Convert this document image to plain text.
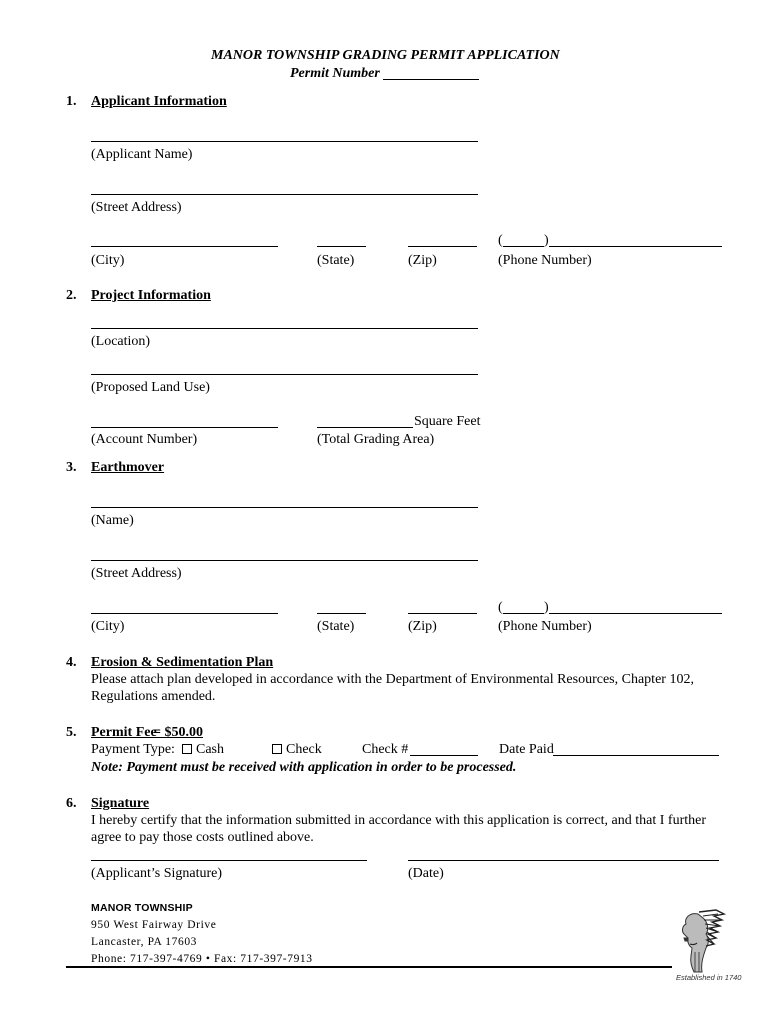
MANOR TOWNSHIP GRADING PERMIT APPLICATION
Permit Number
1. Applicant Information
(Applicant Name)
(Street Address)
(	)
(City)	(State)	(Zip)	(Phone Number)
2. Project Information
(Location)
(Proposed Land Use)
Square Feet
(Account Number)	(Total Grading Area)
3. Earthmover
(Name)
(Street Address)
(	)
(City)	(State)	(Zip)	(Phone Number)
4. Erosion & Sedimentation Plan
Please attach plan developed in accordance with the Department of Environmental Resources, Chapter 102,
Regulations amended.
5. Permit Fee
= $50.00
Payment Type:	Cash	Check	Check #	Date Paid
Note: Payment must be received with application in order to be processed.
6. Signature
I hereby certify that the information submitted in accordance with this application is correct, and that I further
agree to pay those costs outlined above.
(Applicant’s Signature)	(Date)
MANOR TOWNSHIP
950 West Fairway Drive
Lancaster, PA 17603
Phone: 717-397-4769 • Fax: 717-397-7913
Established in 1740
